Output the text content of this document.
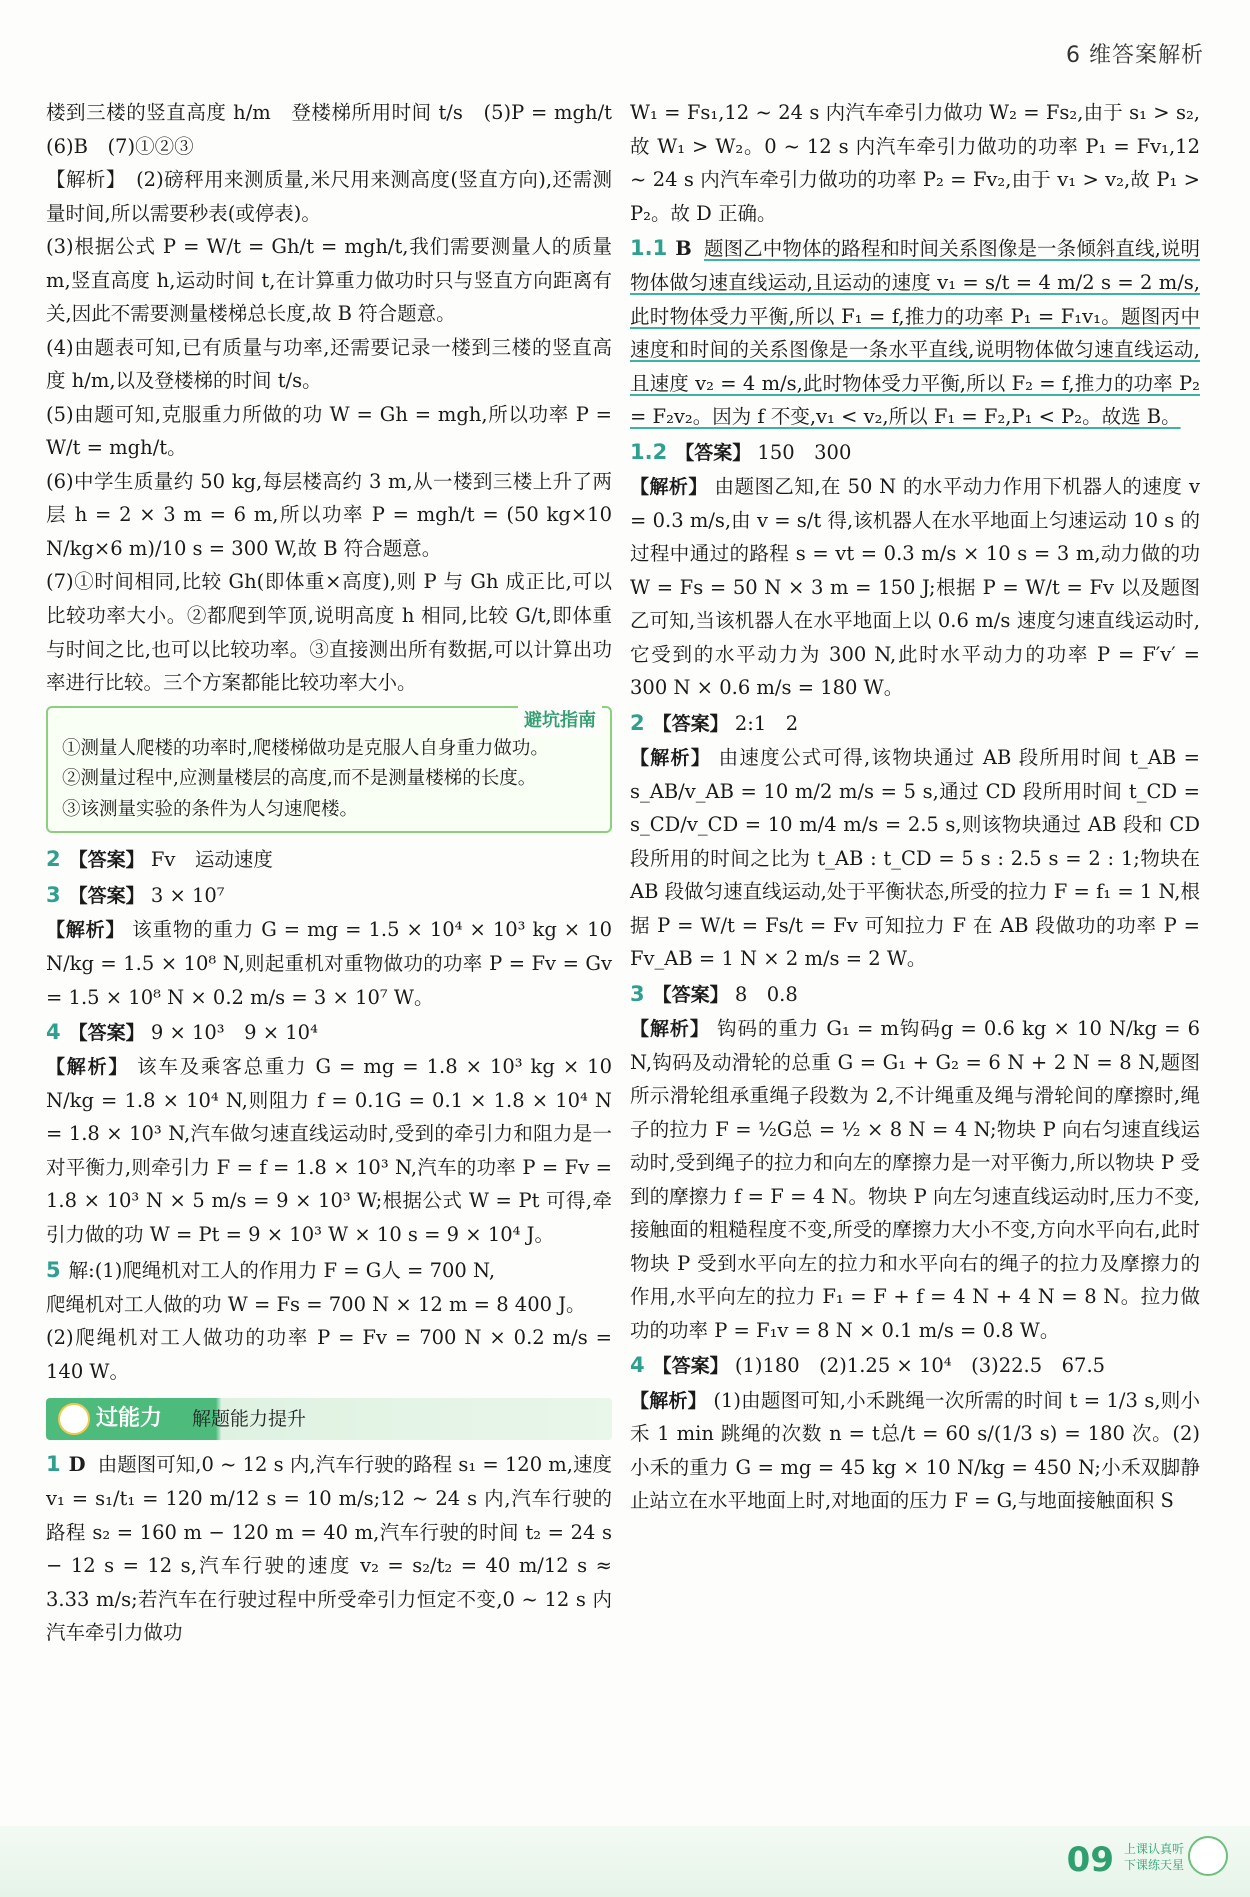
6 维答案解析

楼到三楼的竖直高度 h/m　登楼梯所用时间 t/s　(5)P = mgh/t　(6)B　(7)①②③

【解析】　(2)磅秤用来测质量,米尺用来测高度(竖直方向),还需测量时间,所以需要秒表(或停表)。

(3)根据公式 P = W/t = Gh/t = mgh/t,我们需要测量人的质量 m,竖直高度 h,运动时间 t,在计算重力做功时只与竖直方向距离有关,因此不需要测量楼梯总长度,故 B 符合题意。

(4)由题表可知,已有质量与功率,还需要记录一楼到三楼的竖直高度 h/m,以及登楼梯的时间 t/s。

(5)由题可知,克服重力所做的功 W = Gh = mgh,所以功率 P = W/t = mgh/t。

(6)中学生质量约 50 kg,每层楼高约 3 m,从一楼到三楼上升了两层 h = 2 × 3 m = 6 m,所以功率 P = mgh/t = (50 kg×10 N/kg×6 m)/10 s = 300 W,故 B 符合题意。

(7)①时间相同,比较 Gh(即体重×高度),则 P 与 Gh 成正比,可以比较功率大小。②都爬到竿顶,说明高度 h 相同,比较 G/t,即体重与时间之比,也可以比较功率。③直接测出所有数据,可以计算出功率进行比较。三个方案都能比较功率大小。

避坑指南

①测量人爬楼的功率时,爬楼梯做功是克服人自身重力做功。

②测量过程中,应测量楼层的高度,而不是测量楼梯的长度。

③该测量实验的条件为人匀速爬楼。

2 【答案】 Fv　运动速度

3 【答案】 3 × 10⁷

【解析】 该重物的重力 G = mg = 1.5 × 10⁴ × 10³ kg × 10 N/kg = 1.5 × 10⁸ N,则起重机对重物做功的功率 P = Fv = Gv = 1.5 × 10⁸ N × 0.2 m/s = 3 × 10⁷ W。

4 【答案】 9 × 10³　9 × 10⁴

【解析】 该车及乘客总重力 G = mg = 1.8 × 10³ kg × 10 N/kg = 1.8 × 10⁴ N,则阻力 f = 0.1G = 0.1 × 1.8 × 10⁴ N = 1.8 × 10³ N,汽车做匀速直线运动时,受到的牵引力和阻力是一对平衡力,则牵引力 F = f = 1.8 × 10³ N,汽车的功率 P = Fv = 1.8 × 10³ N × 5 m/s = 9 × 10³ W;根据公式 W = Pt 可得,牵引力做的功 W = Pt = 9 × 10³ W × 10 s = 9 × 10⁴ J。

5 解:(1)爬绳机对工人的作用力 F = G人 = 700 N,

爬绳机对工人做的功 W = Fs = 700 N × 12 m = 8 400 J。

(2)爬绳机对工人做功的功率 P = Fv = 700 N × 0.2 m/s = 140 W。

过能力 解题能力提升

1 D 由题图可知,0 ~ 12 s 内,汽车行驶的路程 s₁ = 120 m,速度 v₁ = s₁/t₁ = 120 m/12 s = 10 m/s;12 ~ 24 s 内,汽车行驶的路程 s₂ = 160 m − 120 m = 40 m,汽车行驶的时间 t₂ = 24 s − 12 s = 12 s,汽车行驶的速度 v₂ = s₂/t₂ = 40 m/12 s ≈ 3.33 m/s;若汽车在行驶过程中所受牵引力恒定不变,0 ~ 12 s 内汽车牵引力做功

W₁ = Fs₁,12 ~ 24 s 内汽车牵引力做功 W₂ = Fs₂,由于 s₁ > s₂,故 W₁ > W₂。0 ~ 12 s 内汽车牵引力做功的功率 P₁ = Fv₁,12 ~ 24 s 内汽车牵引力做功的功率 P₂ = Fv₂,由于 v₁ > v₂,故 P₁ > P₂。故 D 正确。

1.1 B 题图乙中物体的路程和时间关系图像是一条倾斜直线,说明物体做匀速直线运动,且运动的速度 v₁ = s/t = 4 m/2 s = 2 m/s,此时物体受力平衡,所以 F₁ = f,推力的功率 P₁ = F₁v₁。题图丙中速度和时间的关系图像是一条水平直线,说明物体做匀速直线运动,且速度 v₂ = 4 m/s,此时物体受力平衡,所以 F₂ = f,推力的功率 P₂ = F₂v₂。因为 f 不变,v₁ < v₂,所以 F₁ = F₂,P₁ < P₂。故选 B。

1.2 【答案】 150　300

【解析】 由题图乙知,在 50 N 的水平动力作用下机器人的速度 v = 0.3 m/s,由 v = s/t 得,该机器人在水平地面上匀速运动 10 s 的过程中通过的路程 s = vt = 0.3 m/s × 10 s = 3 m,动力做的功 W = Fs = 50 N × 3 m = 150 J;根据 P = W/t = Fv 以及题图乙可知,当该机器人在水平地面上以 0.6 m/s 速度匀速直线运动时,它受到的水平动力为 300 N,此时水平动力的功率 P = F′v′ = 300 N × 0.6 m/s = 180 W。

2 【答案】 2:1　2

【解析】 由速度公式可得,该物块通过 AB 段所用时间 t_AB = s_AB/v_AB = 10 m/2 m/s = 5 s,通过 CD 段所用时间 t_CD = s_CD/v_CD = 10 m/4 m/s = 2.5 s,则该物块通过 AB 段和 CD 段所用的时间之比为 t_AB : t_CD = 5 s : 2.5 s = 2 : 1;物块在 AB 段做匀速直线运动,处于平衡状态,所受的拉力 F = f₁ = 1 N,根据 P = W/t = Fs/t = Fv 可知拉力 F 在 AB 段做功的功率 P = Fv_AB = 1 N × 2 m/s = 2 W。

3 【答案】 8　0.8

【解析】 钩码的重力 G₁ = m钩码g = 0.6 kg × 10 N/kg = 6 N,钩码及动滑轮的总重 G = G₁ + G₂ = 6 N + 2 N = 8 N,题图所示滑轮组承重绳子段数为 2,不计绳重及绳与滑轮间的摩擦时,绳子的拉力 F = ½G总 = ½ × 8 N = 4 N;物块 P 向右匀速直线运动时,受到绳子的拉力和向左的摩擦力是一对平衡力,所以物块 P 受到的摩擦力 f = F = 4 N。物块 P 向左匀速直线运动时,压力不变,接触面的粗糙程度不变,所受的摩擦力大小不变,方向水平向右,此时物块 P 受到水平向左的拉力和水平向右的绳子的拉力及摩擦力的作用,水平向左的拉力 F₁ = F + f = 4 N + 4 N = 8 N。拉力做功的功率 P = F₁v = 8 N × 0.1 m/s = 0.8 W。

4 【答案】 (1)180　(2)1.25 × 10⁴　(3)22.5　67.5

【解析】 (1)由题图可知,小禾跳绳一次所需的时间 t = 1/3 s,则小禾 1 min 跳绳的次数 n = t总/t = 60 s/(1/3 s) = 180 次。(2)小禾的重力 G = mg = 45 kg × 10 N/kg = 450 N;小禾双脚静止站立在水平地面上时,对地面的压力 F = G,与地面接触面积 S

09 上课认真听
下课练天星
